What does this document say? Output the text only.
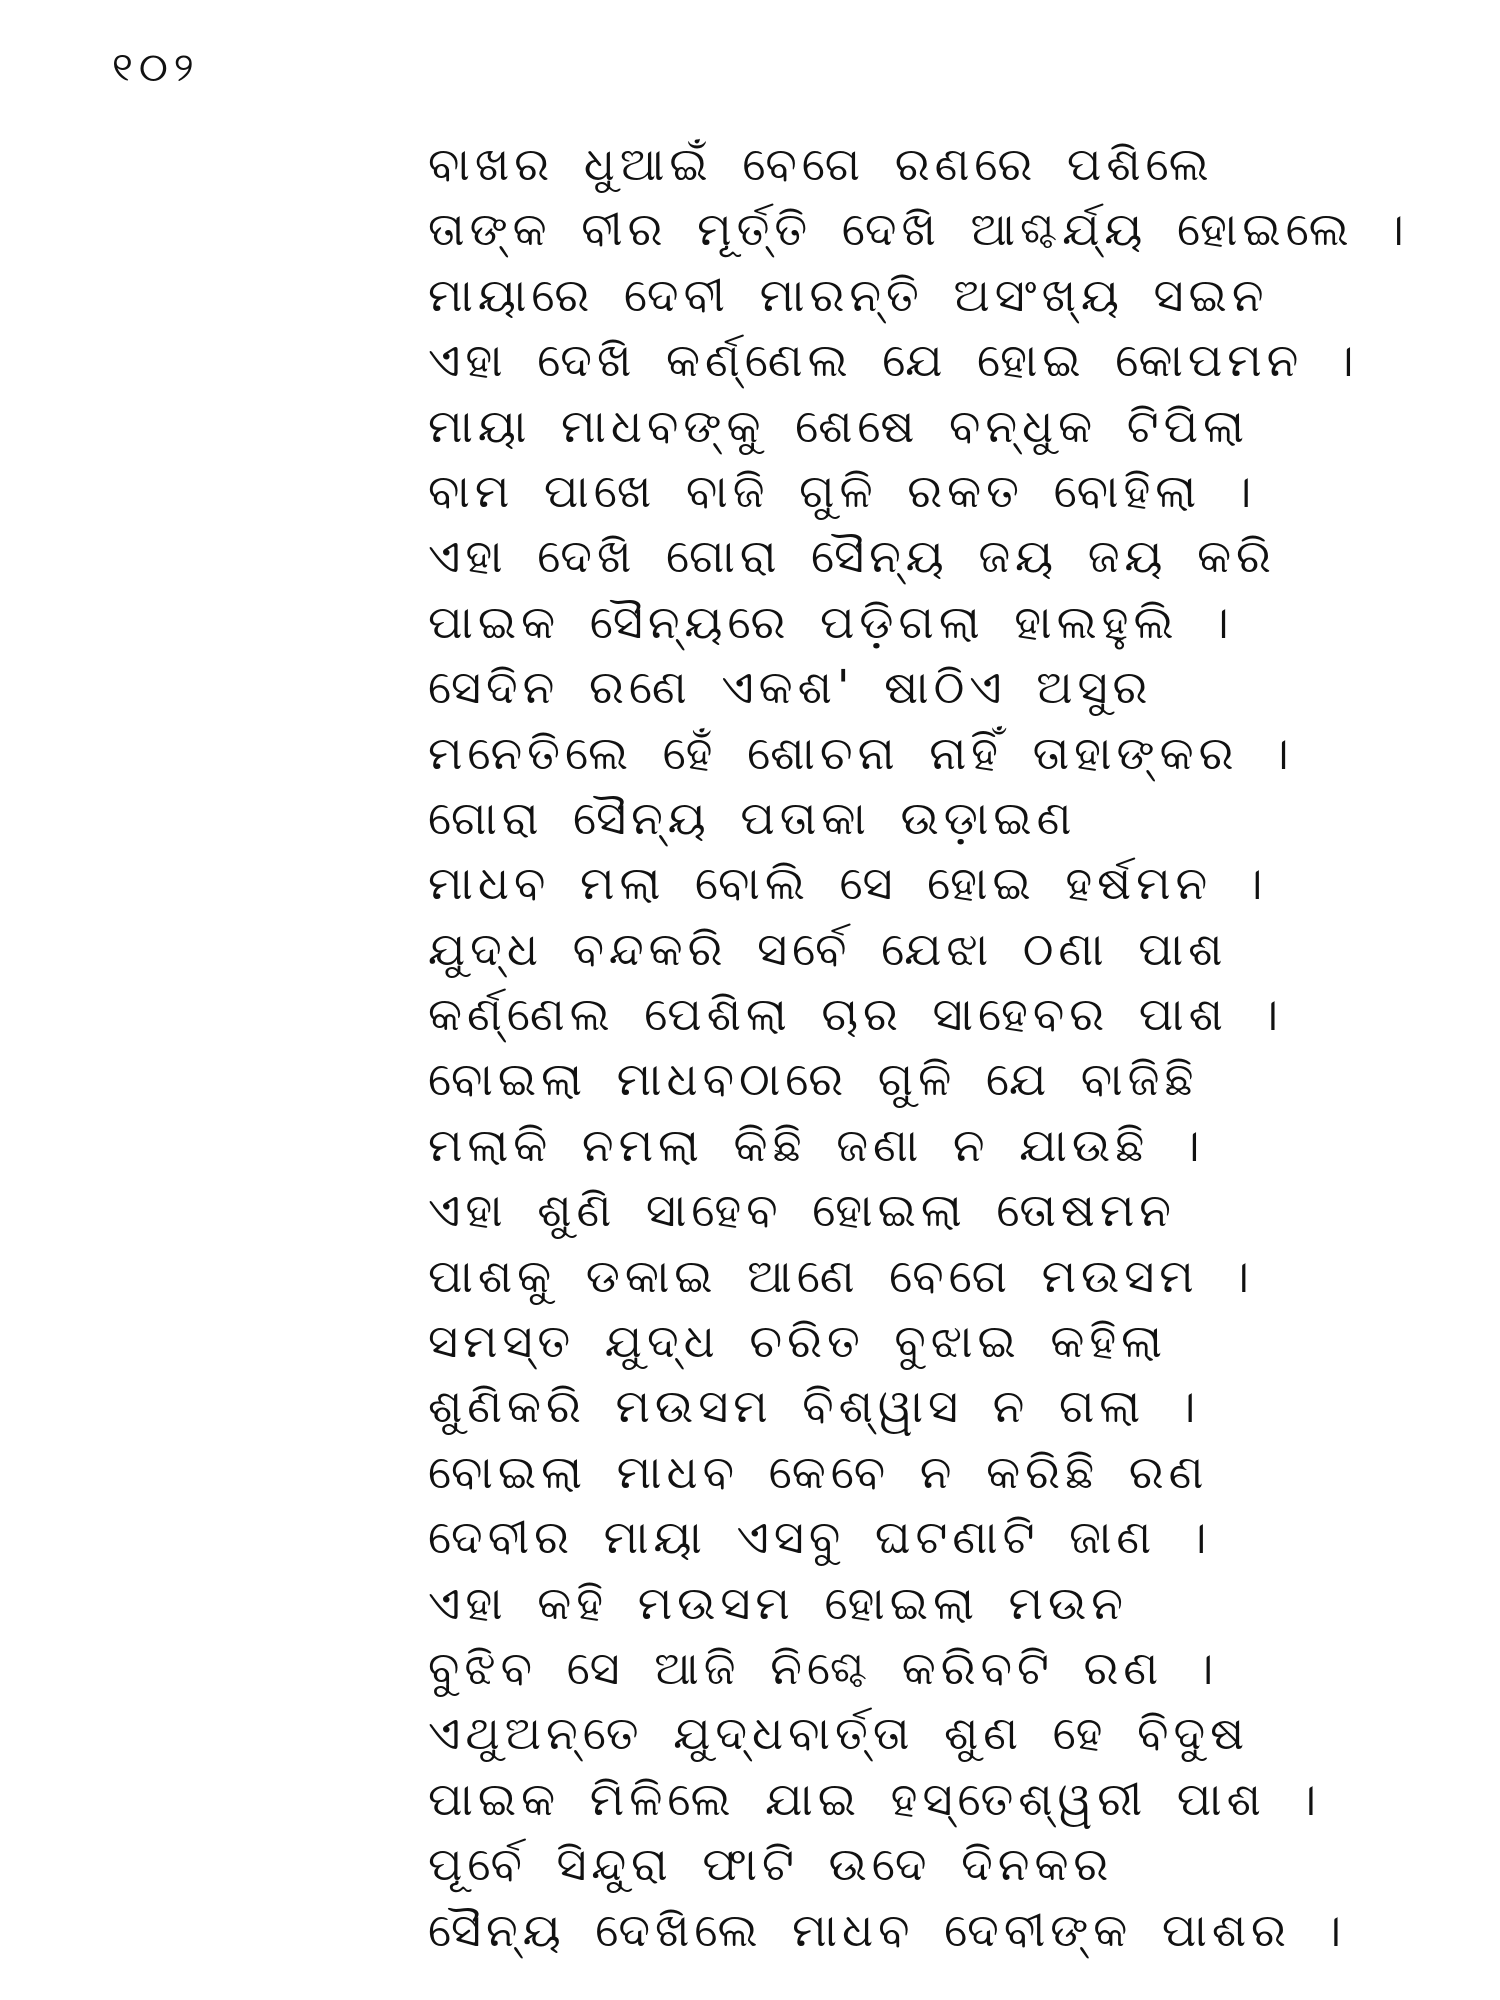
୧୦୨
ବାଖର ଧୁଆଇଁ ବେଗେ ରଣରେ ପଶିଲେ
ତାଙ୍କ ବୀର ମୂର୍ତ୍ତି ଦେଖି ଆଶ୍ଚର୍ଯ୍ୟ ହୋଇଲେ ।
ମାୟାରେ ଦେବୀ ମାରନ୍ତି ଅସଂଖ୍ୟ ସଇନ
ଏହା ଦେଖି କର୍ଣ୍ଣେଲ ଯେ ହୋଇ କୋପମନ ।
ମାୟା ମାଧବଙ୍କୁ ଶେଷେ ବନ୍ଧୁକ ଟିପିଲା
ବାମ ପାଖେ ବାଜି ଗୁଳି ରକତ ବୋହିଲା ।
ଏହା ଦେଖି ଗୋରା ସୈନ୍ୟ ଜୟ ଜୟ କରି
ପାଇକ ସୈନ୍ୟରେ ପଡ଼ିଗଲା ହାଲହୁଲି ।
ସେଦିନ ରଣେ ଏକଶ' ଷାଠିଏ ଅସୁର
ମନେତିଲେ ହେଁ ଶୋଚନା ନାହିଁ ତାହାଙ୍କର ।
ଗୋରା ସୈନ୍ୟ ପତାକା ଉଡ଼ାଇଣ
ମାଧବ ମଲା ବୋଲି ସେ ହୋଇ ହର୍ଷମନ ।
ଯୁଦ୍ଧ ବନ୍ଦକରି ସର୍ବେ ଯେଝା ଠଣା ପାଶ
କର୍ଣ୍ଣେଲ ପେଶିଲା ଚାର ସାହେବର ପାଶ ।
ବୋଇଲା ମାଧବଠାରେ ଗୁଳି ଯେ ବାଜିଛି
ମଲାକି ନମଲା କିଛି ଜଣା ନ ଯାଉଛି ।
ଏହା ଶୁଣି ସାହେବ ହୋଇଲା ତୋଷମନ
ପାଶକୁ ଡକାଇ ଆଣେ ବେଗେ ମଉସମ ।
ସମସ୍ତ ଯୁଦ୍ଧ ଚରିତ ବୁଝାଇ କହିଲା
ଶୁଣିକରି ମଉସମ ବିଶ୍ୱାସ ନ ଗଲା ।
ବୋଇଲା ମାଧବ କେବେ ନ କରିଛି ରଣ
ଦେବୀର ମାୟା ଏସବୁ ଘଟଣାଟି ଜାଣ ।
ଏହା କହି ମଉସମ ହୋଇଲା ମଉନ
ବୁଝିବ ସେ ଆଜି ନିଶ୍ଚେ କରିବଟି ରଣ ।
ଏଥୁଅନ୍ତେ ଯୁଦ୍ଧବାର୍ତ୍ତା ଶୁଣ ହେ ବିଦୁଷ
ପାଇକ ମିଳିଲେ ଯାଇ ହସ୍ତେଶ୍ୱରୀ ପାଶ ।
ପୂର୍ବେ ସିନ୍ଦୁରା ଫାଟି ଉଦେ ଦିନକର
ସୈନ୍ୟ ଦେଖିଲେ ମାଧବ ଦେବୀଙ୍କ ପାଶର ।
